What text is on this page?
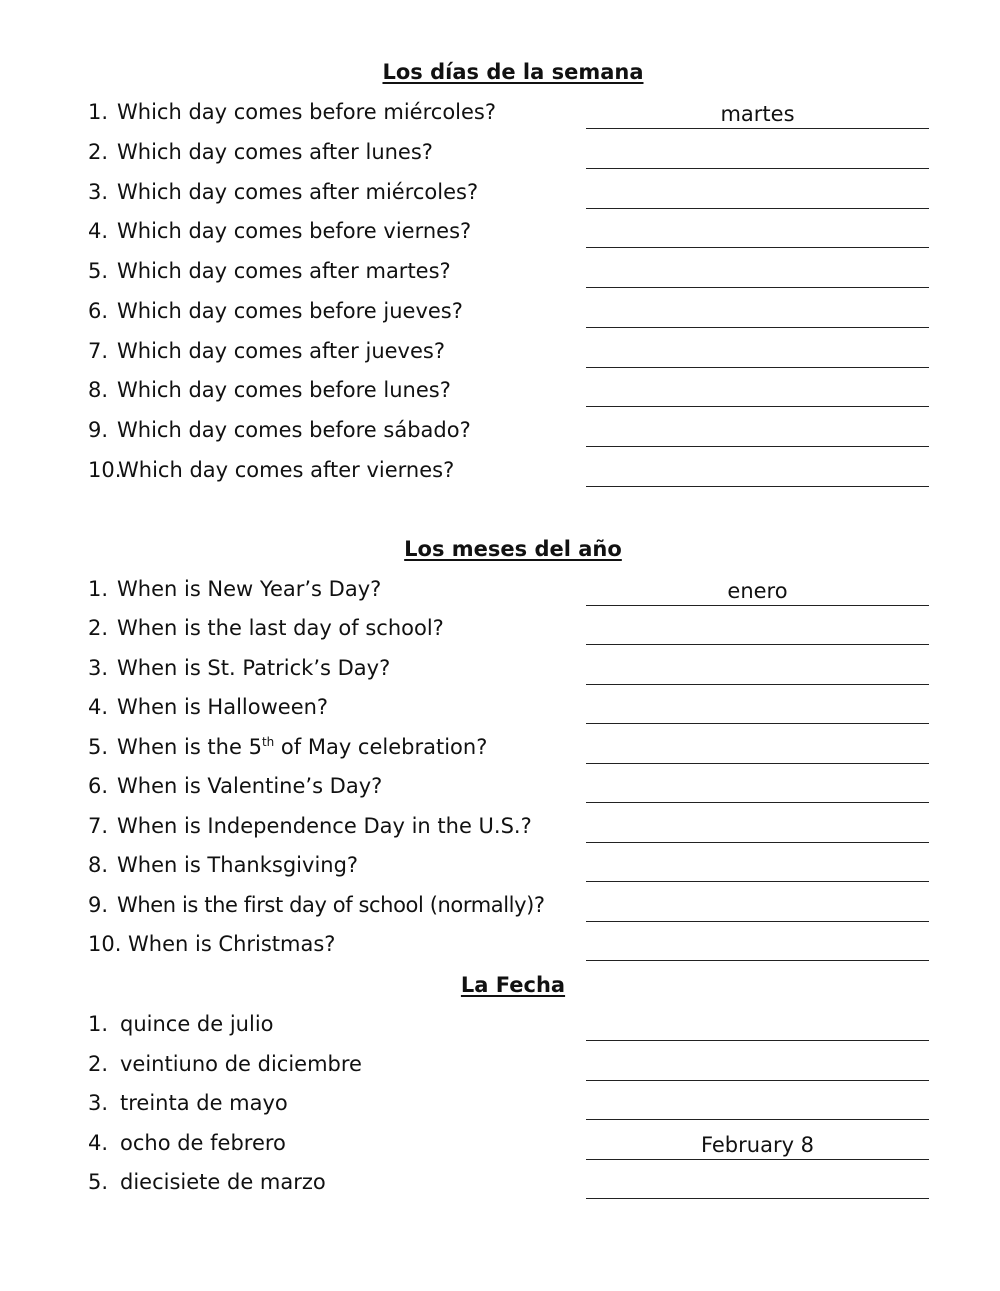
Los días de la semana
1. Which day comes before miércoles?
martes
2. Which day comes after lunes?
3. Which day comes after miércoles?
4. Which day comes before viernes?
5. Which day comes after martes?
6. Which day comes before jueves?
7. Which day comes after jueves?
8. Which day comes before lunes?
9. Which day comes before sábado?
10.
Which day comes after viernes?
Los meses del año
1. When is New Year’s Day?
enero
2. When is the last day of school?
3. When is St. Patrick’s Day?
4. When is Halloween?
5. When is the 5th of May celebration?
6. When is Valentine’s Day?
7. When is Independence Day in the U.S.?
8. When is Thanksgiving?
9. When is the first day of school (normally)?
10. When is Christmas?
La Fecha
1. quince de julio
2. veintiuno de diciembre
3. treinta de mayo
4. ocho de febrero
February 8
5. diecisiete de marzo
